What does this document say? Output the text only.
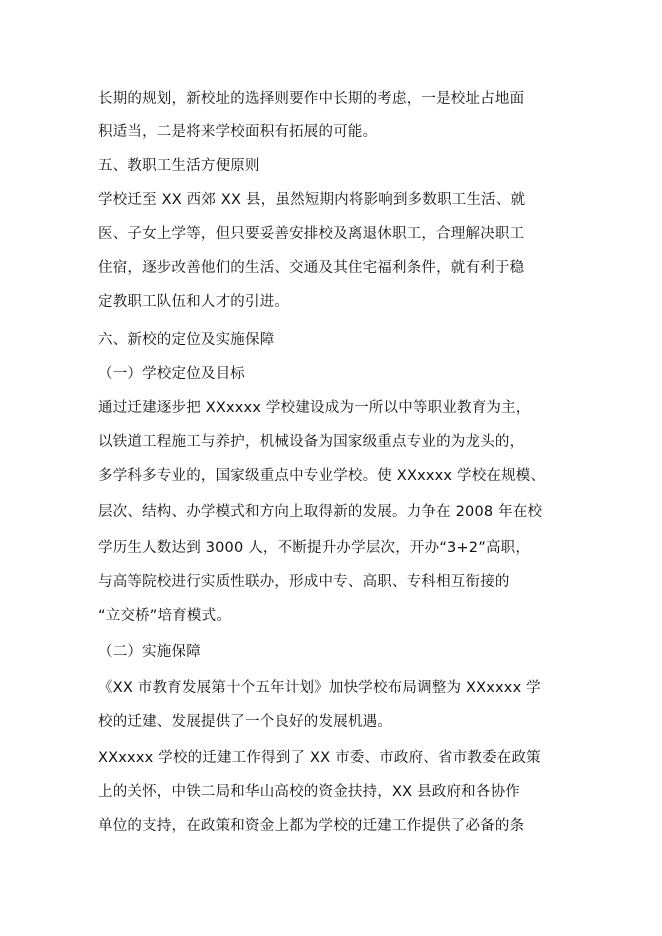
长期的规划，新校址的选择则要作中长期的考虑，一是校址占地面
积适当，二是将来学校面积有拓展的可能。
五、教职工生活方便原则
学校迁至 XX 西郊 XX 县，虽然短期内将影响到多数职工生活、就
医、子女上学等，但只要妥善安排校及离退休职工，合理解决职工
住宿，逐步改善他们的生活、交通及其住宅福利条件，就有利于稳
定教职工队伍和人才的引进。
六、新校的定位及实施保障
（一）学校定位及目标
通过迁建逐步把 XXxxxx 学校建设成为一所以中等职业教育为主，
以铁道工程施工与养护，机械设备为国家级重点专业的为龙头的，
多学科多专业的，国家级重点中专业学校。使 XXxxxx 学校在规模、
层次、结构、办学模式和方向上取得新的发展。力争在 2008 年在校
学历生人数达到 3000 人，不断提升办学层次，开办“3+2”高职，
与高等院校进行实质性联办，形成中专、高职、专科相互衔接的
“立交桥”培育模式。
（二）实施保障
《XX 市教育发展第十个五年计划》加快学校布局调整为 XXxxxx 学
校的迁建、发展提供了一个良好的发展机遇。
XXxxxx 学校的迁建工作得到了 XX 市委、市政府、省市教委在政策
上的关怀，中铁二局和华山高校的资金扶持，XX 县政府和各协作
单位的支持，在政策和资金上都为学校的迁建工作提供了必备的条
